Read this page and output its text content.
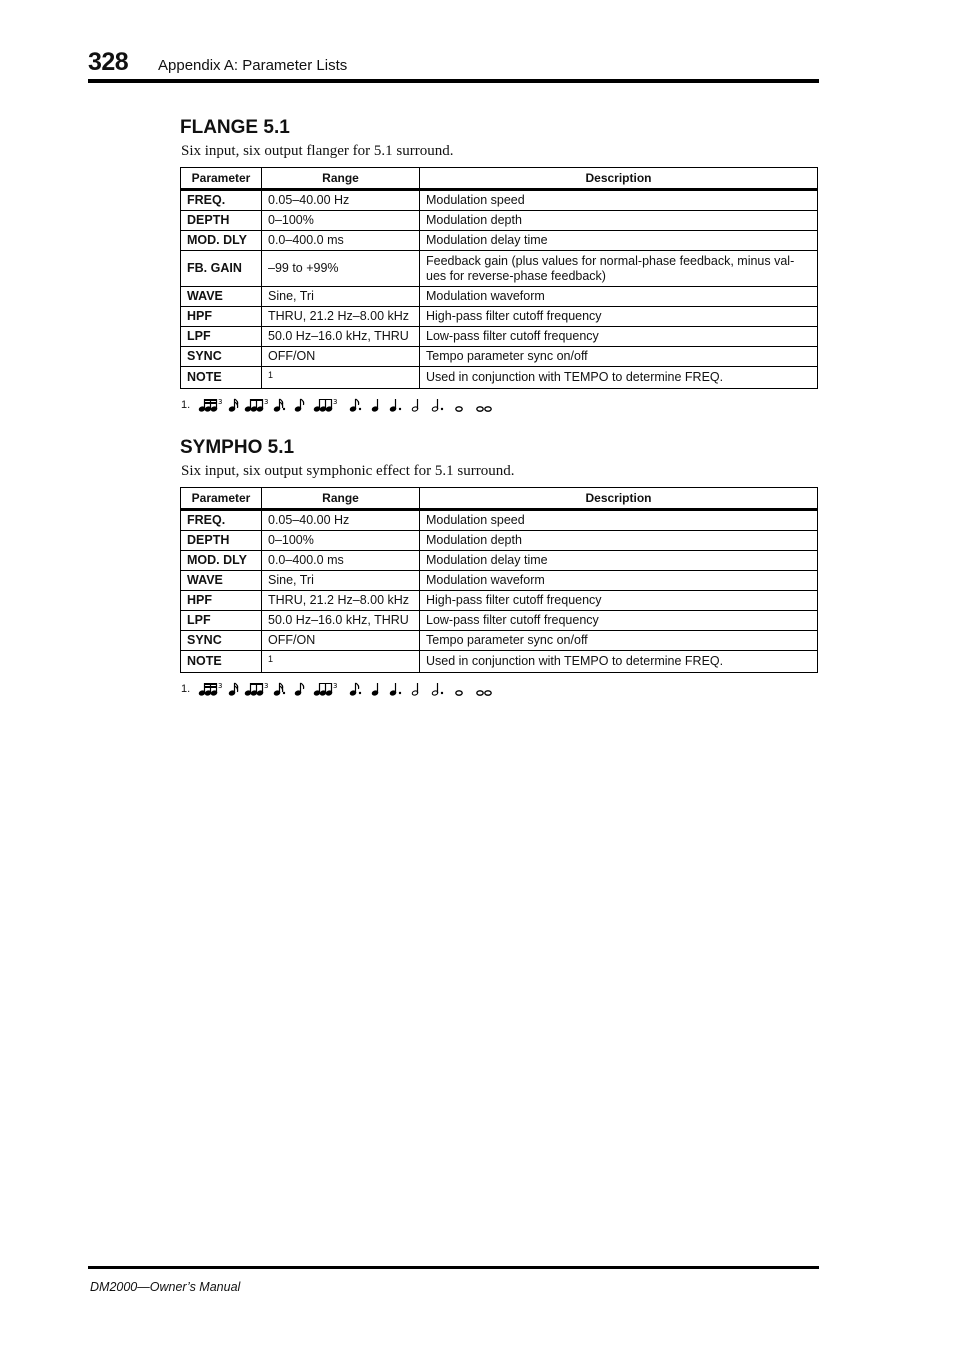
328 Appendix A: Parameter Lists
FLANGE 5.1

Six input, six output flanger for 5.1 surround.

Parameter	Range	Description
FREQ.	0.05–40.00 Hz	Modulation speed
DEPTH	0–100%	Modulation depth
MOD. DLY	0.0–400.0 ms	Modulation delay time
FB. GAIN	–99 to +99%	Feedback gain (plus values for normal-phase feedback, minus val-ues for reverse-phase feedback)
WAVE	Sine, Tri	Modulation waveform
HPF	THRU, 21.2 Hz–8.00 kHz	High-pass filter cutoff frequency
LPF	50.0 Hz–16.0 kHz, THRU	Low-pass filter cutoff frequency
SYNC	OFF/ON	Tempo parameter sync on/off
NOTE	1	Used in conjunction with TEMPO to determine FREQ.
1.	3	3	3
SYMPHO 5.1

Six input, six output symphonic effect for 5.1 surround.

Parameter	Range	Description
FREQ.	0.05–40.00 Hz	Modulation speed
DEPTH	0–100%	Modulation depth
MOD. DLY	0.0–400.0 ms	Modulation delay time
WAVE	Sine, Tri	Modulation waveform
HPF	THRU, 21.2 Hz–8.00 kHz	High-pass filter cutoff frequency
LPF	50.0 Hz–16.0 kHz, THRU	Low-pass filter cutoff frequency
SYNC	OFF/ON	Tempo parameter sync on/off
NOTE	1	Used in conjunction with TEMPO to determine FREQ.
1.	3	3	3
DM2000—Owner’s Manual
